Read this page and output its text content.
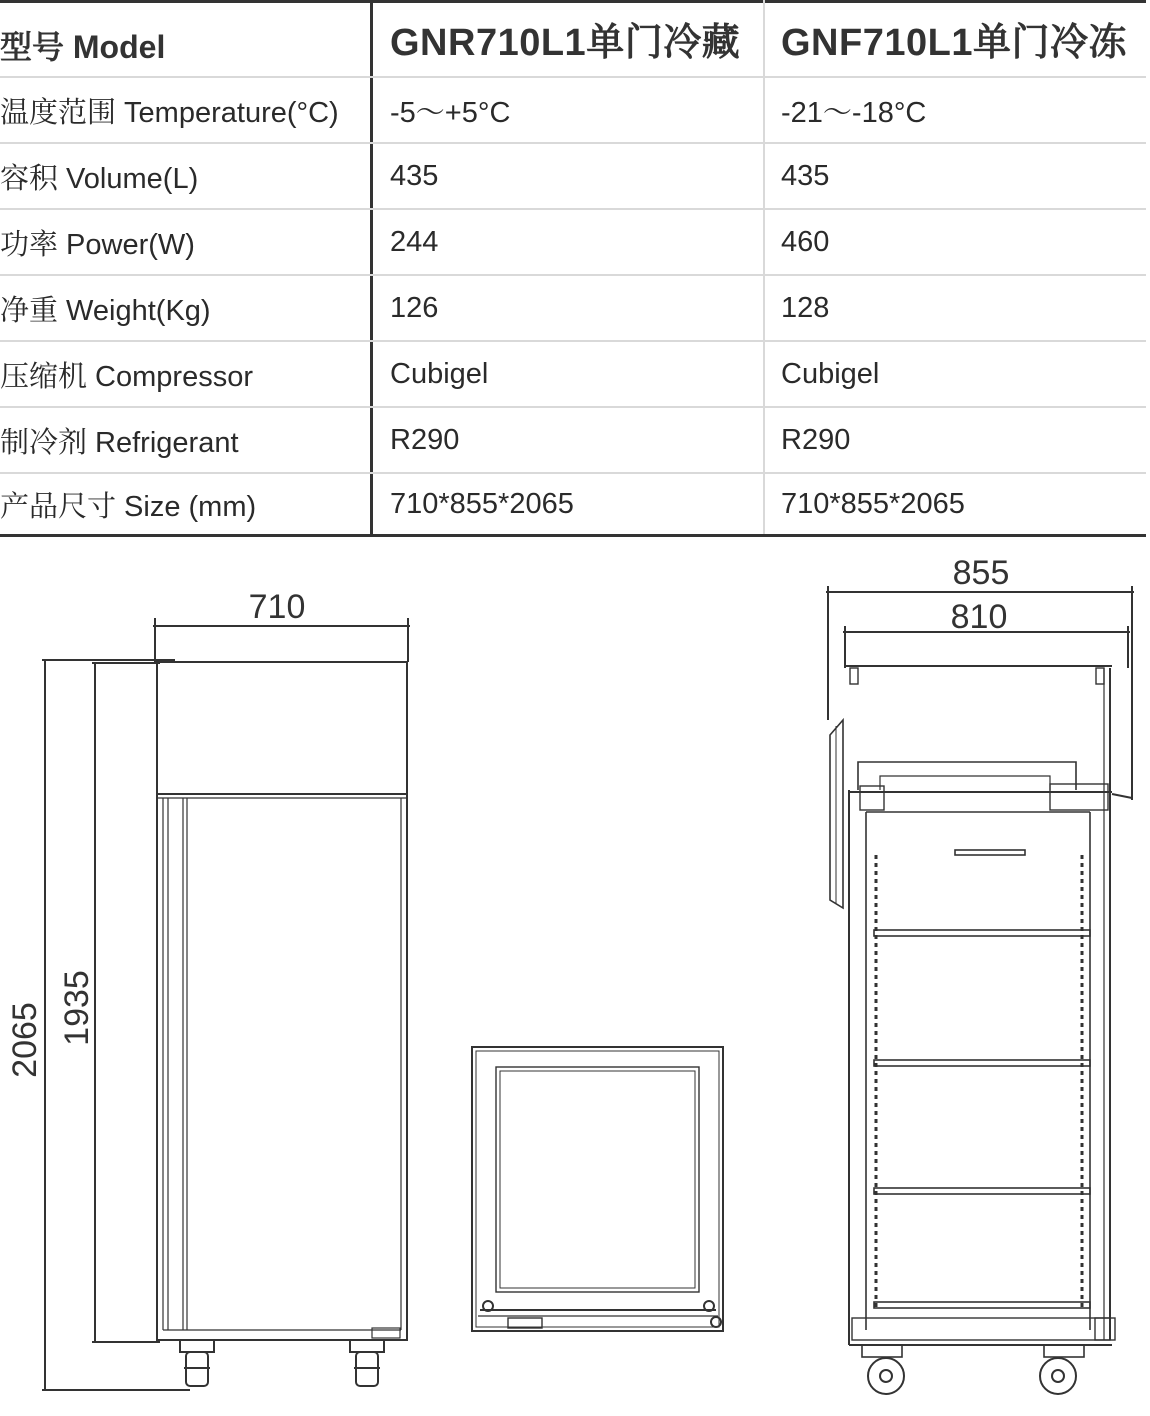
型号 Model	GNR710L1单门冷藏	GNF710L1单门冷冻
温度范围 Temperature(°C)	-5～+5°C	-21～-18°C
容积 Volume(L)	435	435
功率 Power(W)	244	460
净重 Weight(Kg)	126	128
压缩机 Compressor	Cubigel	Cubigel
制冷剂 Refrigerant	R290	R290
产品尺寸 Size (mm)	710*855*2065	710*855*2065
710
2065 1935
855
810
